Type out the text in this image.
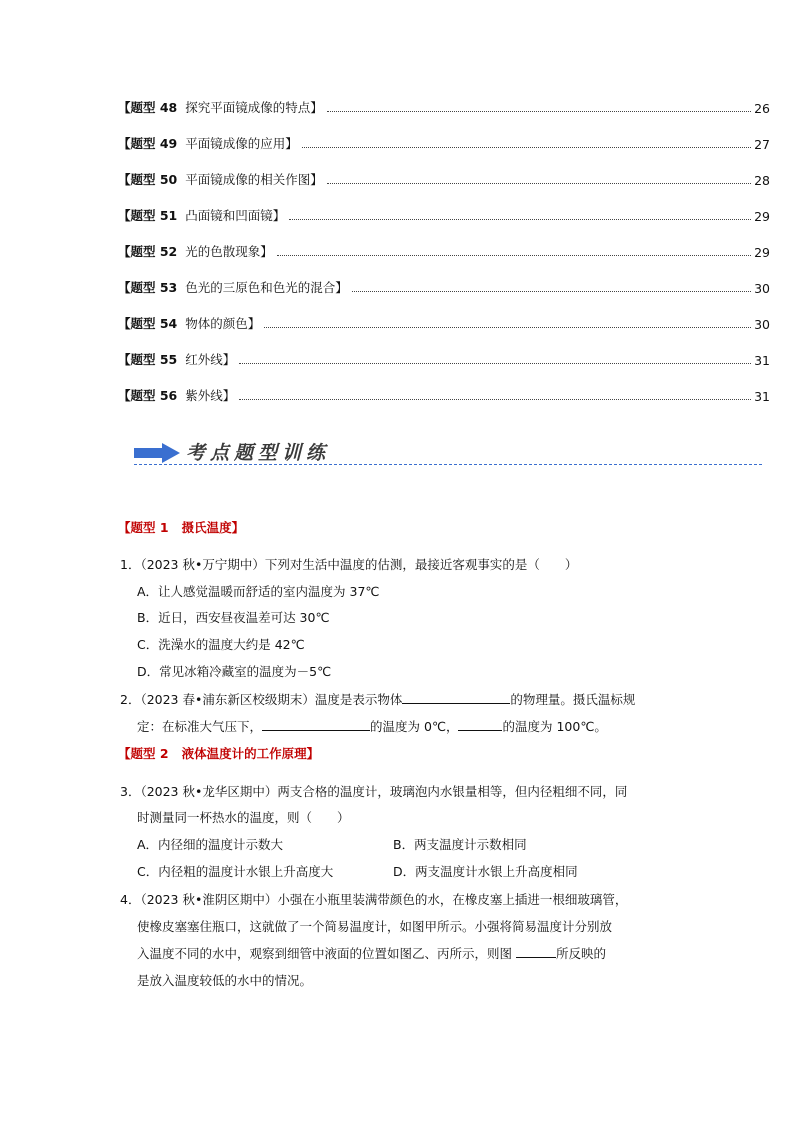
【题型 48 探究平面镜成像的特点】	26
【题型 49 平面镜成像的应用】	27
【题型 50 平面镜成像的相关作图】	28
【题型 51 凸面镜和凹面镜】	29
【题型 52 光的色散现象】	29
【题型 53 色光的三原色和色光的混合】	30
【题型 54 物体的颜色】	30
【题型 55 红外线】	31
【题型 56 紫外线】	31
考点题型训练
【题型 1 摄氏温度】
1．（2023 秋•万宁期中）下列对生活中温度的估测，最接近客观事实的是（　　）
A．让人感觉温暖而舒适的室内温度为 37℃
B．近日，西安昼夜温差可达 30℃
C．洗澡水的温度大约是 42℃
D．常见冰箱冷藏室的温度为－5℃
2．（2023 春•浦东新区校级期末）温度是表示物体	的物理量。摄氏温标规
定：在标准大气压下，	的温度为 0℃，	的温度为 100℃。
【题型 2 液体温度计的工作原理】
3．（2023 秋•龙华区期中）两支合格的温度计，玻璃泡内水银量相等，但内径粗细不同，同
时测量同一杯热水的温度，则（　　）
A．内径细的温度计示数大	B．两支温度计示数相同
C．内径粗的温度计水银上升高度大	D．两支温度计水银上升高度相同
4．（2023 秋•淮阴区期中）小强在小瓶里装满带颜色的水，在橡皮塞上插进一根细玻璃管，
使橡皮塞塞住瓶口，这就做了一个简易温度计，如图甲所示。小强将简易温度计分别放
入温度不同的水中，观察到细管中液面的位置如图乙、丙所示，则图	所反映的
是放入温度较低的水中的情况。
